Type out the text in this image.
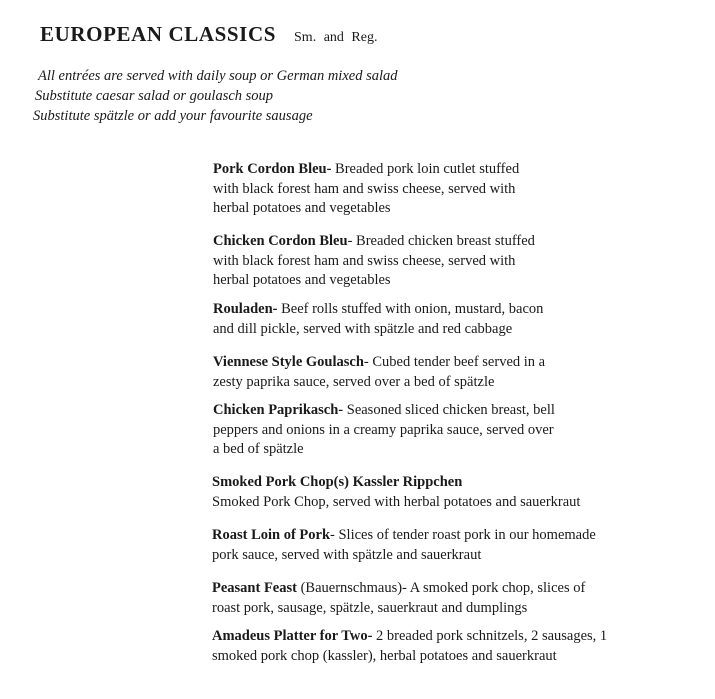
EUROPEAN CLASSICS Sm. and Reg.
All entrées are served with daily soup or German mixed salad
Substitute caesar salad or goulasch soup
Substitute spätzle or add your favourite sausage
Pork Cordon Bleu- Breaded pork loin cutlet stuffed with black forest ham and swiss cheese, served with herbal potatoes and vegetables
Chicken Cordon Bleu- Breaded chicken breast stuffed with black forest ham and swiss cheese, served with herbal potatoes and vegetables
Rouladen- Beef rolls stuffed with onion, mustard, bacon and dill pickle, served with spätzle and red cabbage
Viennese Style Goulasch- Cubed tender beef served in a zesty paprika sauce, served over a bed of spätzle
Chicken Paprikasch- Seasoned sliced chicken breast, bell peppers and onions in a creamy paprika sauce, served over a bed of spätzle
Smoked Pork Chop(s) Kassler Rippchen
Smoked Pork Chop, served with herbal potatoes and sauerkraut
Roast Loin of Pork- Slices of tender roast pork in our homemade pork sauce, served with spätzle and sauerkraut
Peasant Feast (Bauernschmaus)- A smoked pork chop, slices of roast pork, sausage, spätzle, sauerkraut and dumplings
Amadeus Platter for Two- 2 breaded pork schnitzels, 2 sausages, 1 smoked pork chop (kassler), herbal potatoes and sauerkraut
